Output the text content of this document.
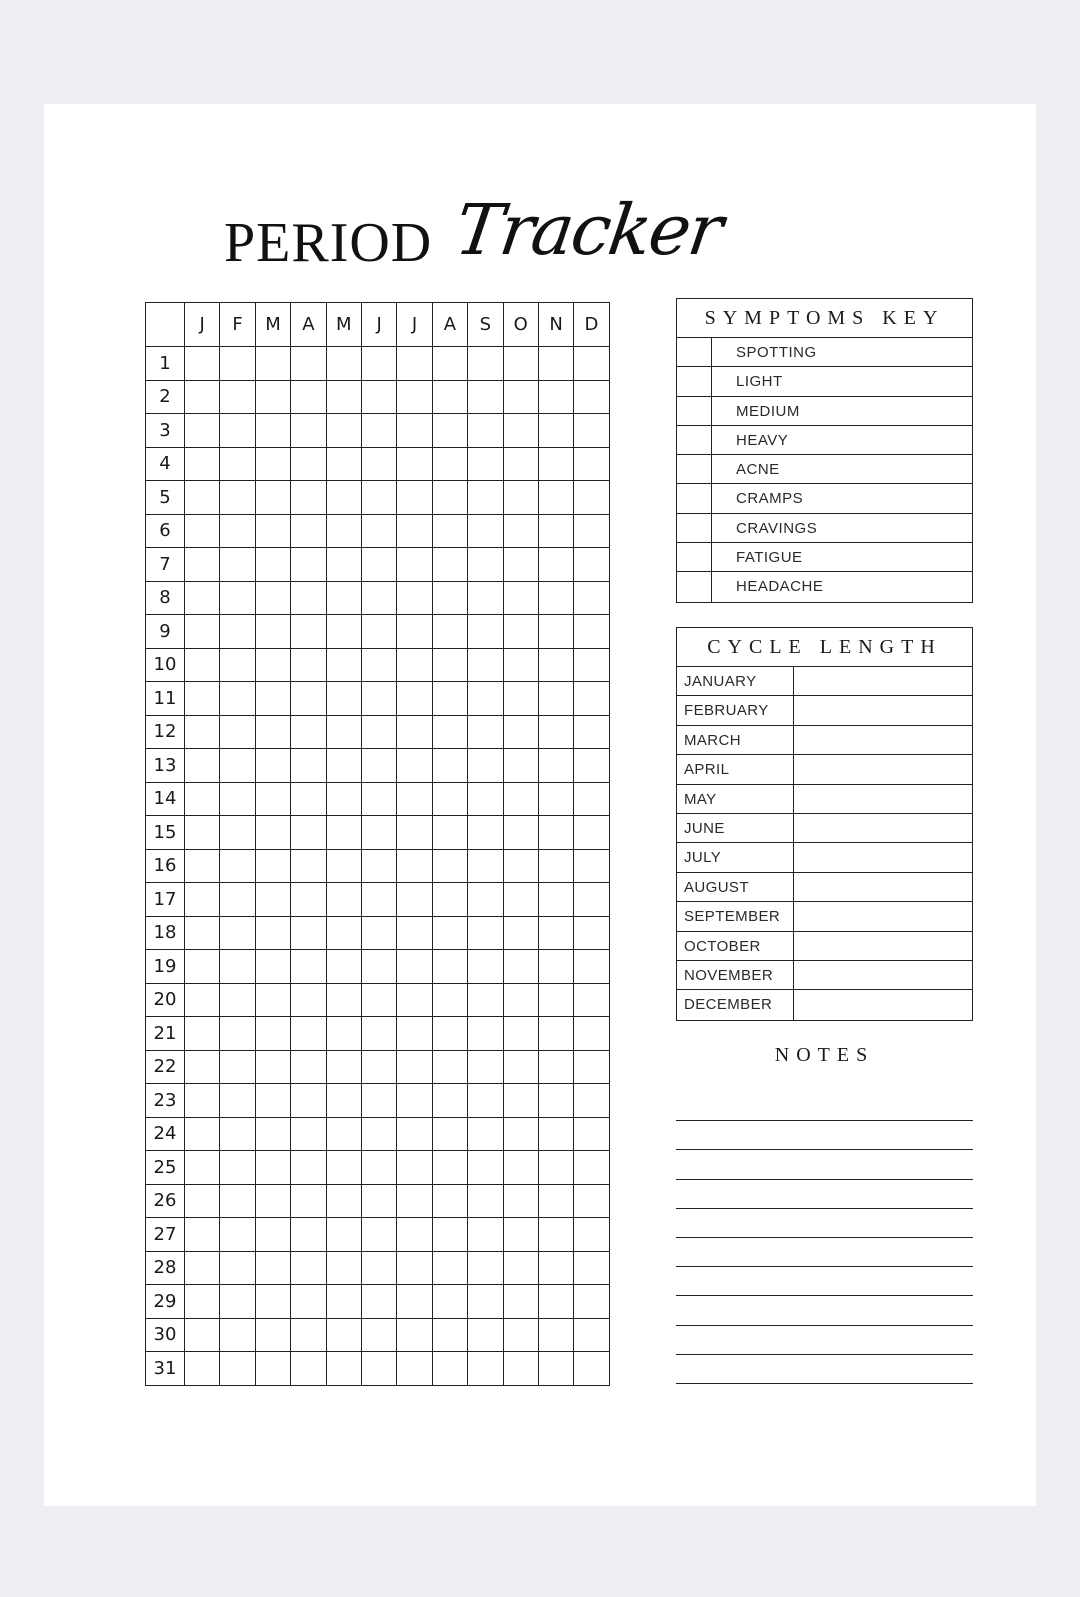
PERIOD Tracker
	J	F	M	A	M	J	J	A	S	O	N	D
1												
2												
3												
4												
5												
6												
7												
8												
9												
10												
11												
12												
13												
14												
15												
16												
17												
18												
19												
20												
21												
22												
23												
24												
25												
26												
27												
28												
29												
30												
31												
SYMPTOMS KEY
SPOTTING
LIGHT
MEDIUM
HEAVY
ACNE
CRAMPS
CRAVINGS
FATIGUE
HEADACHE
CYCLE LENGTH
JANUARY
FEBRUARY
MARCH
APRIL
MAY
JUNE
JULY
AUGUST
SEPTEMBER
OCTOBER
NOVEMBER
DECEMBER
NOTES
